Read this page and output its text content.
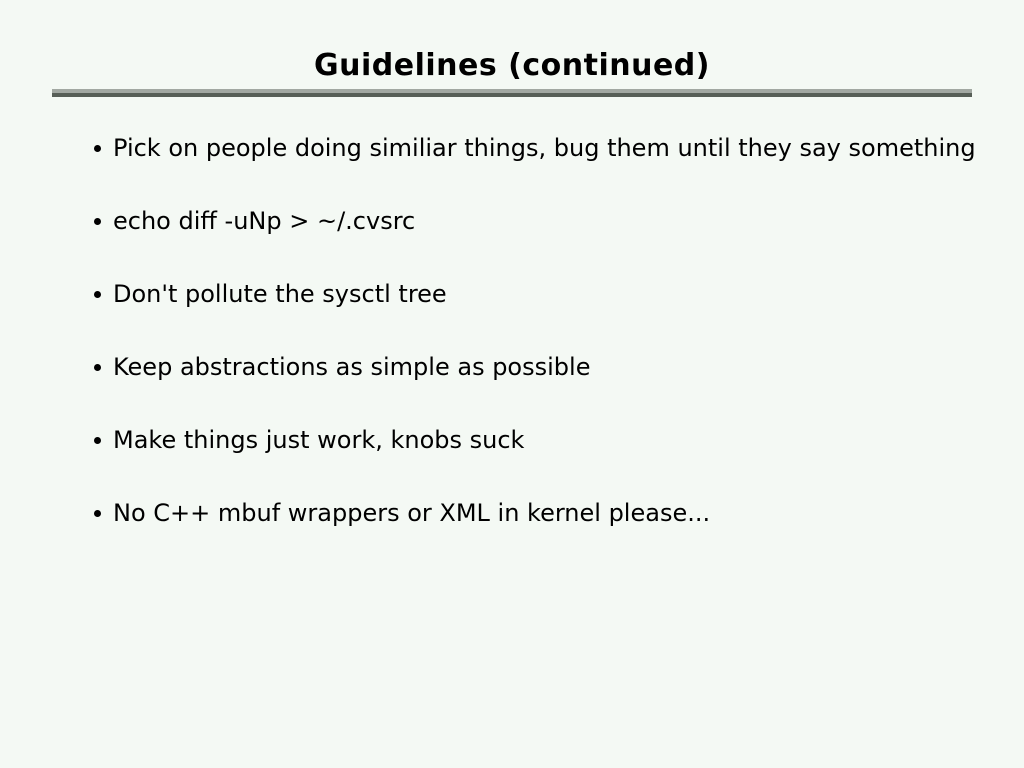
Guidelines (continued)
Pick on people doing similiar things, bug them until they say something
echo diff -uNp > ~/.cvsrc
Don't pollute the sysctl tree
Keep abstractions as simple as possible
Make things just work, knobs suck
No C++ mbuf wrappers or XML in kernel please...
